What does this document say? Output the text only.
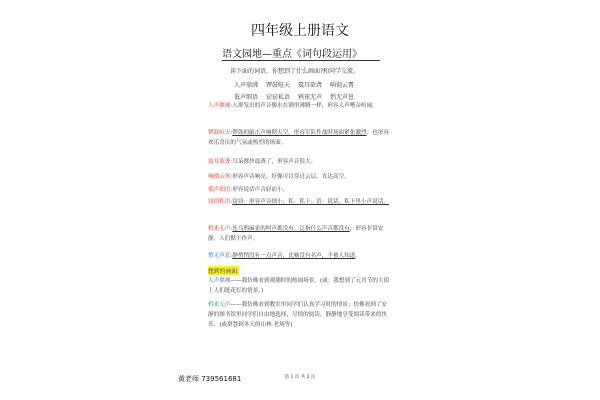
四年级上册语文
语文园地—重点《词句段运用》
读下面的词语，你想到了什么画面?和同学交流。
人声鼎沸 锣鼓喧天 震耳欲聋 响彻云霄
低声细语 窃窃私语 鸦雀无声 悄无声息
人声鼎沸:人群发出的声音像水在锅里沸腾一样，形容人声嘈杂喧闹。
锣鼓喧天:锣鼓的敲击声响彻天空。形容军队作战时场面紧张激烈；也形容欢乐喜庆的气氛或热烈的场面。
震耳欲聋:耳朵都快震聋了，形容声音很大。
响彻云霄:形容声音响亮，好像可以穿过云层，直达高空。
低声细语:形容说话声音轻而小。
窃窃私语:窃窃：形容声音细小；私：私下；语：说话。私下里小声说话。
鸦雀无声:连乌鸦麻雀的叫声都没有。泛指什么声音都没有，形容非常安静，人们默不作声。
悄无声息:静悄悄没有一点声音，比喻没有名声，不被人知道。
想到的画面:
人声鼎沸——我仿佛看到观潮时的热闹场景。(或：我想到了元宵节的大街上人们逛花灯的情景。)
鸦雀无声——我仿佛看到教室里同学们认真学习时的情景；仿佛看到了安静的图书馆里同学们自由地选择，尽情的阅读，静静地享受阅读带来的快乐。(或群慧到冬天的山林 老场等)
黄老师 739561681	第 1 页 共 2 页
